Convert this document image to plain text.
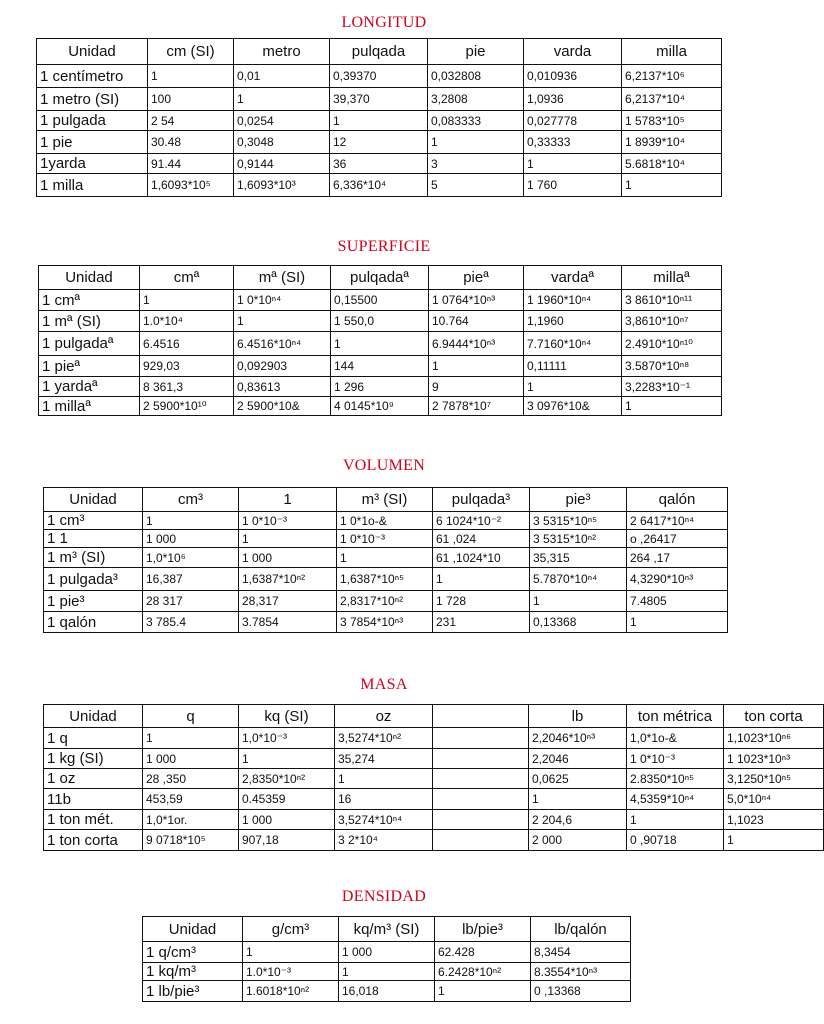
LONGITUD
Unidad	cm (SI)	metro	pulqada	pie	varda	milla
1 centímetro	1	0,01	0,39370	0,032808	0,010936	6,2137*10⁶
1 metro (SI)	100	1	39,370	3,2808	1,0936	6,2137*10⁴
1 pulgada	2 54	0,0254	1	0,083333	0,027778	1 5783*10⁵
1 pie	30.48	0,3048	12	1	0,33333	1 8939*10⁴
1yarda	91.44	0,9144	36	3	1	5.6818*10⁴
1 milla	1,6093*10⁵	1,6093*10³	6,336*10⁴	5	1 760	1
SUPERFICIE
Unidad	cmª	mª (SI)	pulqadaª	pieª	vardaª	millaª
1 cmª	1	1 0*10ⁿ⁴	0,15500	1 0764*10ⁿ³	1 1960*10ⁿ⁴	3 8610*10ⁿ¹¹
1 mª (SI)	1.0*10⁴	1	1 550,0	10.764	1,1960	3,8610*10ⁿ⁷
1 pulgadaª	6.4516	6.4516*10ⁿ⁴	1	6.9444*10ⁿ³	7.7160*10ⁿ⁴	2.4910*10ⁿ¹⁰
1 pieª	929,03	0,092903	144	1	0,11111	3.5870*10ⁿ⁸
1 yardaª	8 361,3	0,83613	1 296	9	1	3,2283*10⁻¹
1 millaª	2 5900*10¹⁰	2 5900*10&	4 0145*10⁹	2 7878*10⁷	3 0976*10&	1
VOLUMEN
Unidad	cm³	1	m³ (SI)	pulqada³	pie³	qalón
1 cm³	1	1 0*10⁻³	1 0*1o-&	6 1024*10⁻²	3 5315*10ⁿ⁵	2 6417*10ⁿ⁴
1 1	1 000	1	1 0*10⁻³	61 ,024	3 5315*10ⁿ²	o ,26417
1 m³ (SI)	1,0*10⁶	1 000	1	61 ,1024*10	35,315	264 ,17
1 pulgada³	16,387	1,6387*10ⁿ²	1,6387*10ⁿ⁵	1	5.7870*10ⁿ⁴	4,3290*10ⁿ³
1 pie³	28 317	28,317	2,8317*10ⁿ²	1 728	1	7.4805
1 qalón	3 785.4	3.7854	3 7854*10ⁿ³	231	0,13368	1
MASA
Unidad	q	kq (SI)	oz		lb	ton métrica	ton corta
1 q	1	1,0*10⁻³	3,5274*10ⁿ²		2,2046*10ⁿ³	1,0*1o-&	1,1023*10ⁿ⁶
1 kg (SI)	1 000	1	35,274		2,2046	1 0*10⁻³	1 1023*10ⁿ³
1 oz	28 ,350	2,8350*10ⁿ²	1		0,0625	2.8350*10ⁿ⁵	3,1250*10ⁿ⁵
11b	453,59	0.45359	16		1	4,5359*10ⁿ⁴	5,0*10ⁿ⁴
1 ton mét.	1,0*1or.	1 000	3,5274*10ⁿ⁴		2 204,6	1	1,1023
1 ton corta	9 0718*10⁵	907,18	3 2*10⁴		2 000	0 ,90718	1
DENSIDAD
Unidad	g/cm³	kq/m³ (SI)	lb/pie³	lb/qalón
1 q/cm³	1	1 000	62.428	8,3454
1 kq/m³	1.0*10⁻³	1	6.2428*10ⁿ²	8.3554*10ⁿ³
1 lb/pie³	1.6018*10ⁿ²	16,018	1	0 ,13368
